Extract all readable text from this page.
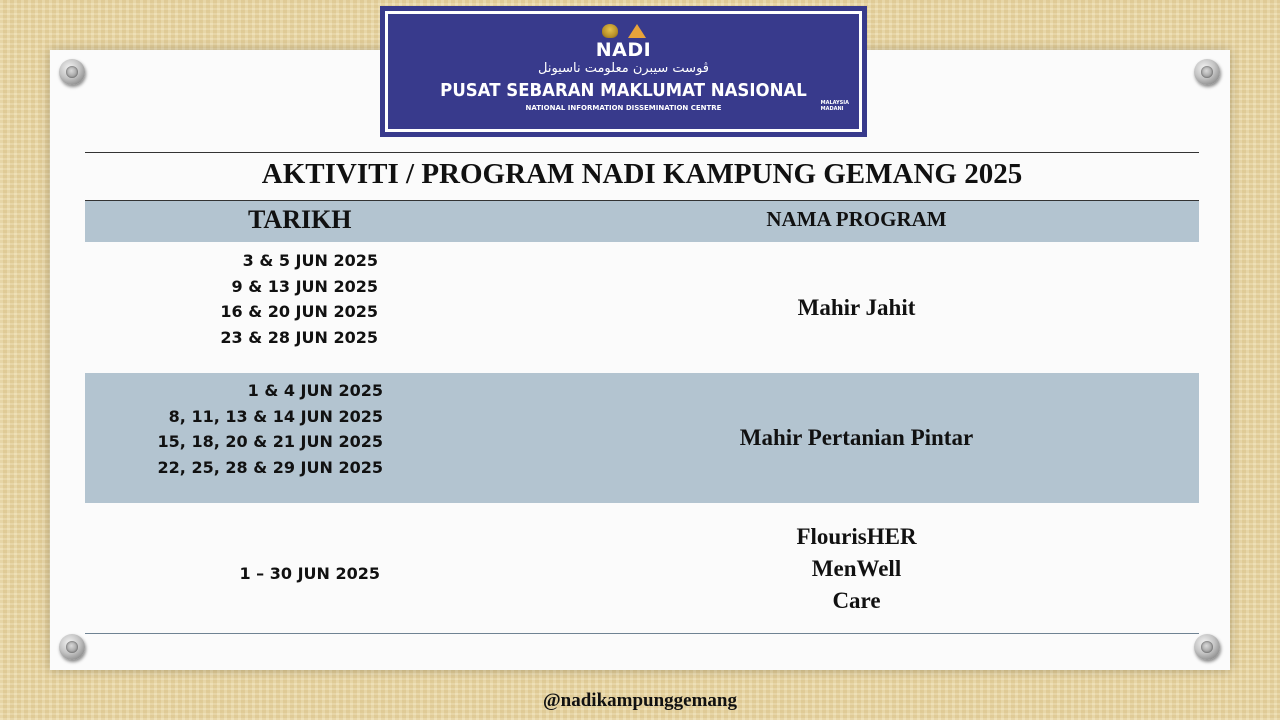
NADI
ڤوست سيبرن معلومت ناسيونل
PUSAT SEBARAN MAKLUMAT NASIONAL
NATIONAL INFORMATION DISSEMINATION CENTRE
MALAYSIA
MADANI
AKTIVITI / PROGRAM NADI KAMPUNG GEMANG 2025
TARIKH	NAMA PROGRAM
3 & 5 JUN 2025
9 & 13 JUN 2025
16 & 20 JUN 2025
23 & 28 JUN 2025
Mahir Jahit
1 & 4 JUN 2025
8, 11, 13 & 14 JUN 2025
15, 18, 20 & 21 JUN 2025
22, 25, 28 & 29 JUN 2025
Mahir Pertanian Pintar
1 – 30 JUN 2025
FlourisHER
MenWell
Care
@nadikampunggemang
